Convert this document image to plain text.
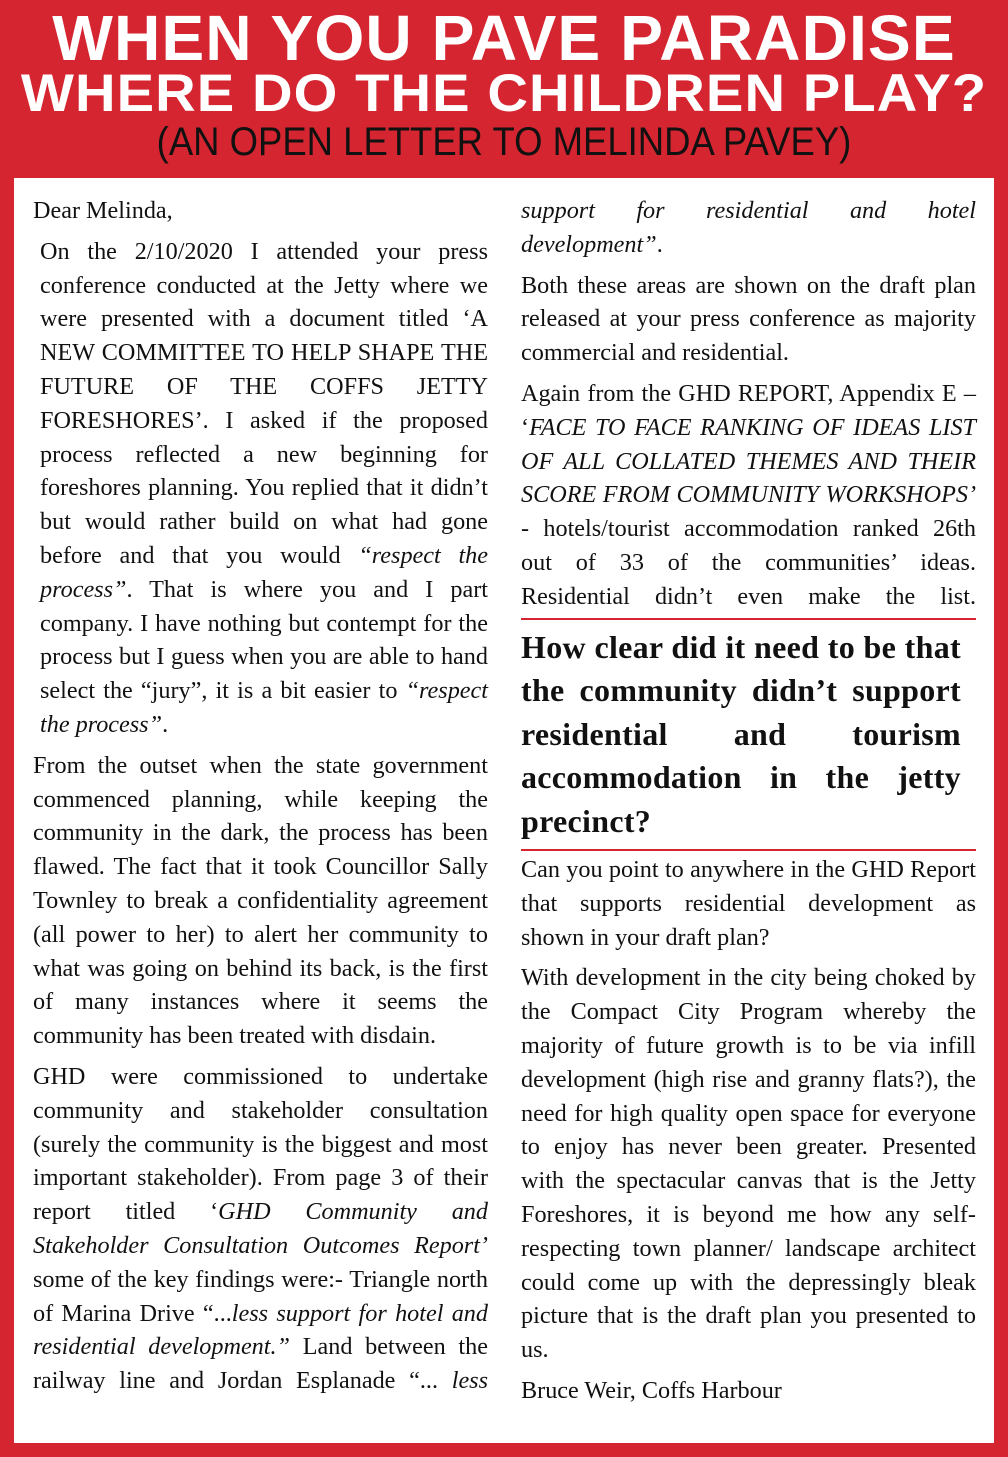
WHEN YOU PAVE PARADISE
WHERE DO THE CHILDREN PLAY?
(AN OPEN LETTER TO MELINDA PAVEY)

Dear Melinda,

On the 2/10/2020 I attended your press conference conducted at the Jetty where we were presented with a document titled ‘A NEW COMMITTEE TO HELP SHAPE THE FUTURE OF THE COFFS JETTY FORESHORES’. I asked if the proposed process reflected a new beginning for foreshores planning. You replied that it didn’t but would rather build on what had gone before and that you would “respect the process”. That is where you and I part company. I have nothing but contempt for the process but I guess when you are able to hand select the “jury”, it is a bit easier to “respect the process”.

From the outset when the state government commenced planning, while keeping the community in the dark, the process has been flawed. The fact that it took Councillor Sally Townley to break a confidentiality agreement (all power to her) to alert her community to what was going on behind its back, is the first of many instances where it seems the community has been treated with disdain.

GHD were commissioned to undertake community and stakeholder consultation (surely the community is the biggest and most important stakeholder). From page 3 of their report titled ‘GHD Community and Stakeholder Consultation Outcomes Report’ some of the key findings were:- Triangle north of Marina Drive “...less support for hotel and residential development.” Land between the railway line and Jordan Esplanade “... less

support for residential and hotel development”.

Both these areas are shown on the draft plan released at your press conference as majority commercial and residential.

Again from the GHD REPORT, Appendix E – ‘FACE TO FACE RANKING OF IDEAS LIST OF ALL COLLATED THEMES AND THEIR SCORE FROM COMMUNITY WORKSHOPS’ - hotels/tourist accommodation ranked 26th out of 33 of the communities’ ideas. Residential didn’t even make the list.

How clear did it need to be that the community didn’t support residential and tourism accommodation in the jetty precinct?

Can you point to anywhere in the GHD Report that supports residential development as shown in your draft plan?

With development in the city being choked by the Compact City Program whereby the majority of future growth is to be via infill development (high rise and granny flats?), the need for high quality open space for everyone to enjoy has never been greater. Presented with the spectacular canvas that is the Jetty Foreshores, it is beyond me how any self-respecting town planner/ landscape architect could come up with the depressingly bleak picture that is the draft plan you presented to us.

Bruce Weir, Coffs Harbour
